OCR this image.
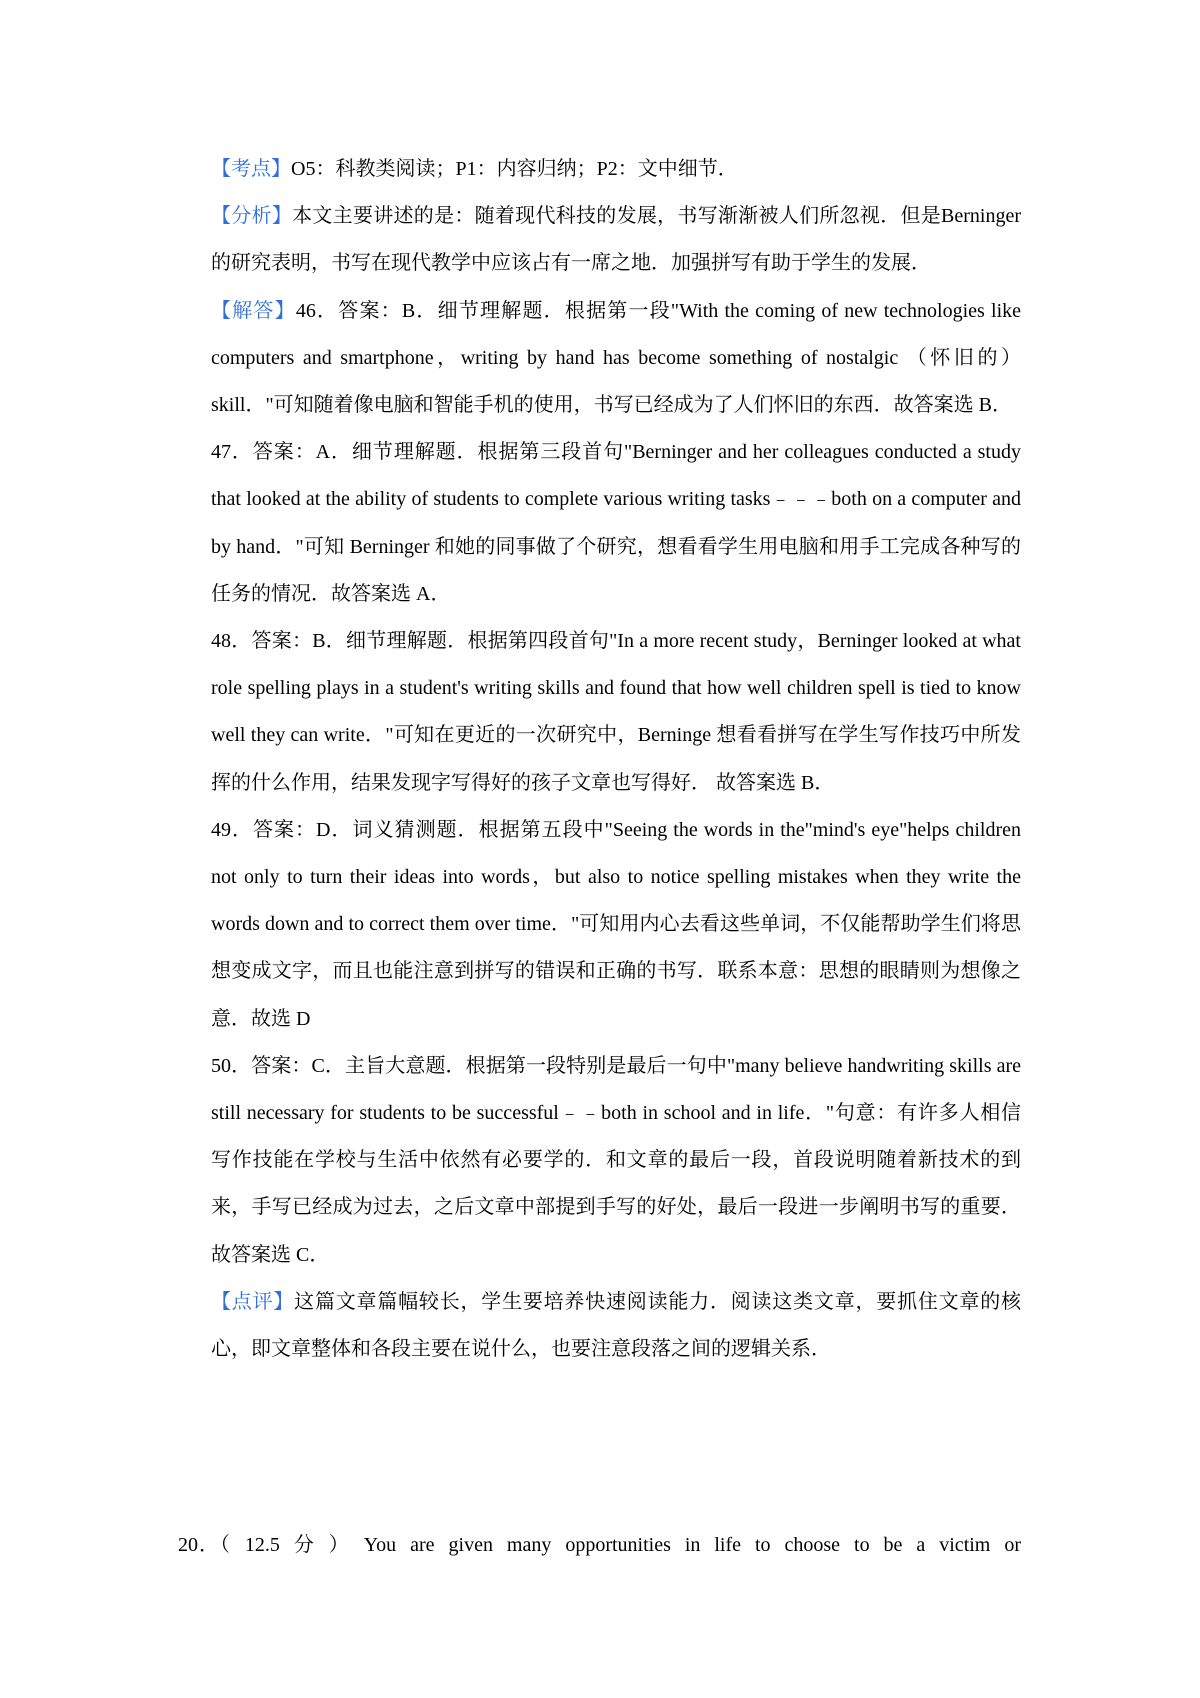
【考点】O5：科教类阅读；P1：内容归纳；P2：文中细节．

【分析】本文主要讲述的是：随着现代科技的发展，书写渐渐被人们所忽视．但是Berninger的研究表明，书写在现代教学中应该占有一席之地．加强拼写有助于学生的发展．

【解答】46．答案：B．细节理解题．根据第一段"With the coming of new technologies like computers and smartphone，writing by hand has become something of nostalgic （怀旧的）skill．"可知随着像电脑和智能手机的使用，书写已经成为了人们怀旧的东西．故答案选 B．

47．答案：A．细节理解题．根据第三段首句"Berninger and her colleagues conducted a study that looked at the ability of students to complete various writing tasks﹣﹣﹣both on a computer and by hand．"可知 Berninger 和她的同事做了个研究，想看看学生用电脑和用手工完成各种写的任务的情况．故答案选 A．

48．答案：B．细节理解题．根据第四段首句"In a more recent study，Berninger looked at what role spelling plays in a student's writing skills and found that how well children spell is tied to know well they can write．"可知在更近的一次研究中，Berninge 想看看拼写在学生写作技巧中所发挥的什么作用，结果发现字写得好的孩子文章也写得好． 故答案选 B．

49．答案：D．词义猜测题．根据第五段中"Seeing the words in the"mind's eye"helps children not only to turn their ideas into words，but also to notice spelling mistakes when they write the words down and to correct them over time．"可知用内心去看这些单词，不仅能帮助学生们将思想变成文字，而且也能注意到拼写的错误和正确的书写．联系本意：思想的眼睛则为想像之意．故选 D

50．答案：C．主旨大意题．根据第一段特别是最后一句中"many believe handwriting skills are still necessary for students to be successful﹣﹣both in school and in life．"句意：有许多人相信写作技能在学校与生活中依然有必要学的．和文章的最后一段，首段说明随着新技术的到来，手写已经成为过去，之后文章中部提到手写的好处，最后一段进一步阐明书写的重要．故答案选 C．

【点评】这篇文章篇幅较长，学生要培养快速阅读能力．阅读这类文章，要抓住文章的核心，即文章整体和各段主要在说什么，也要注意段落之间的逻辑关系．

20．（ 12.5 分 ） You are given many opportunities in life to choose to be a victim or
